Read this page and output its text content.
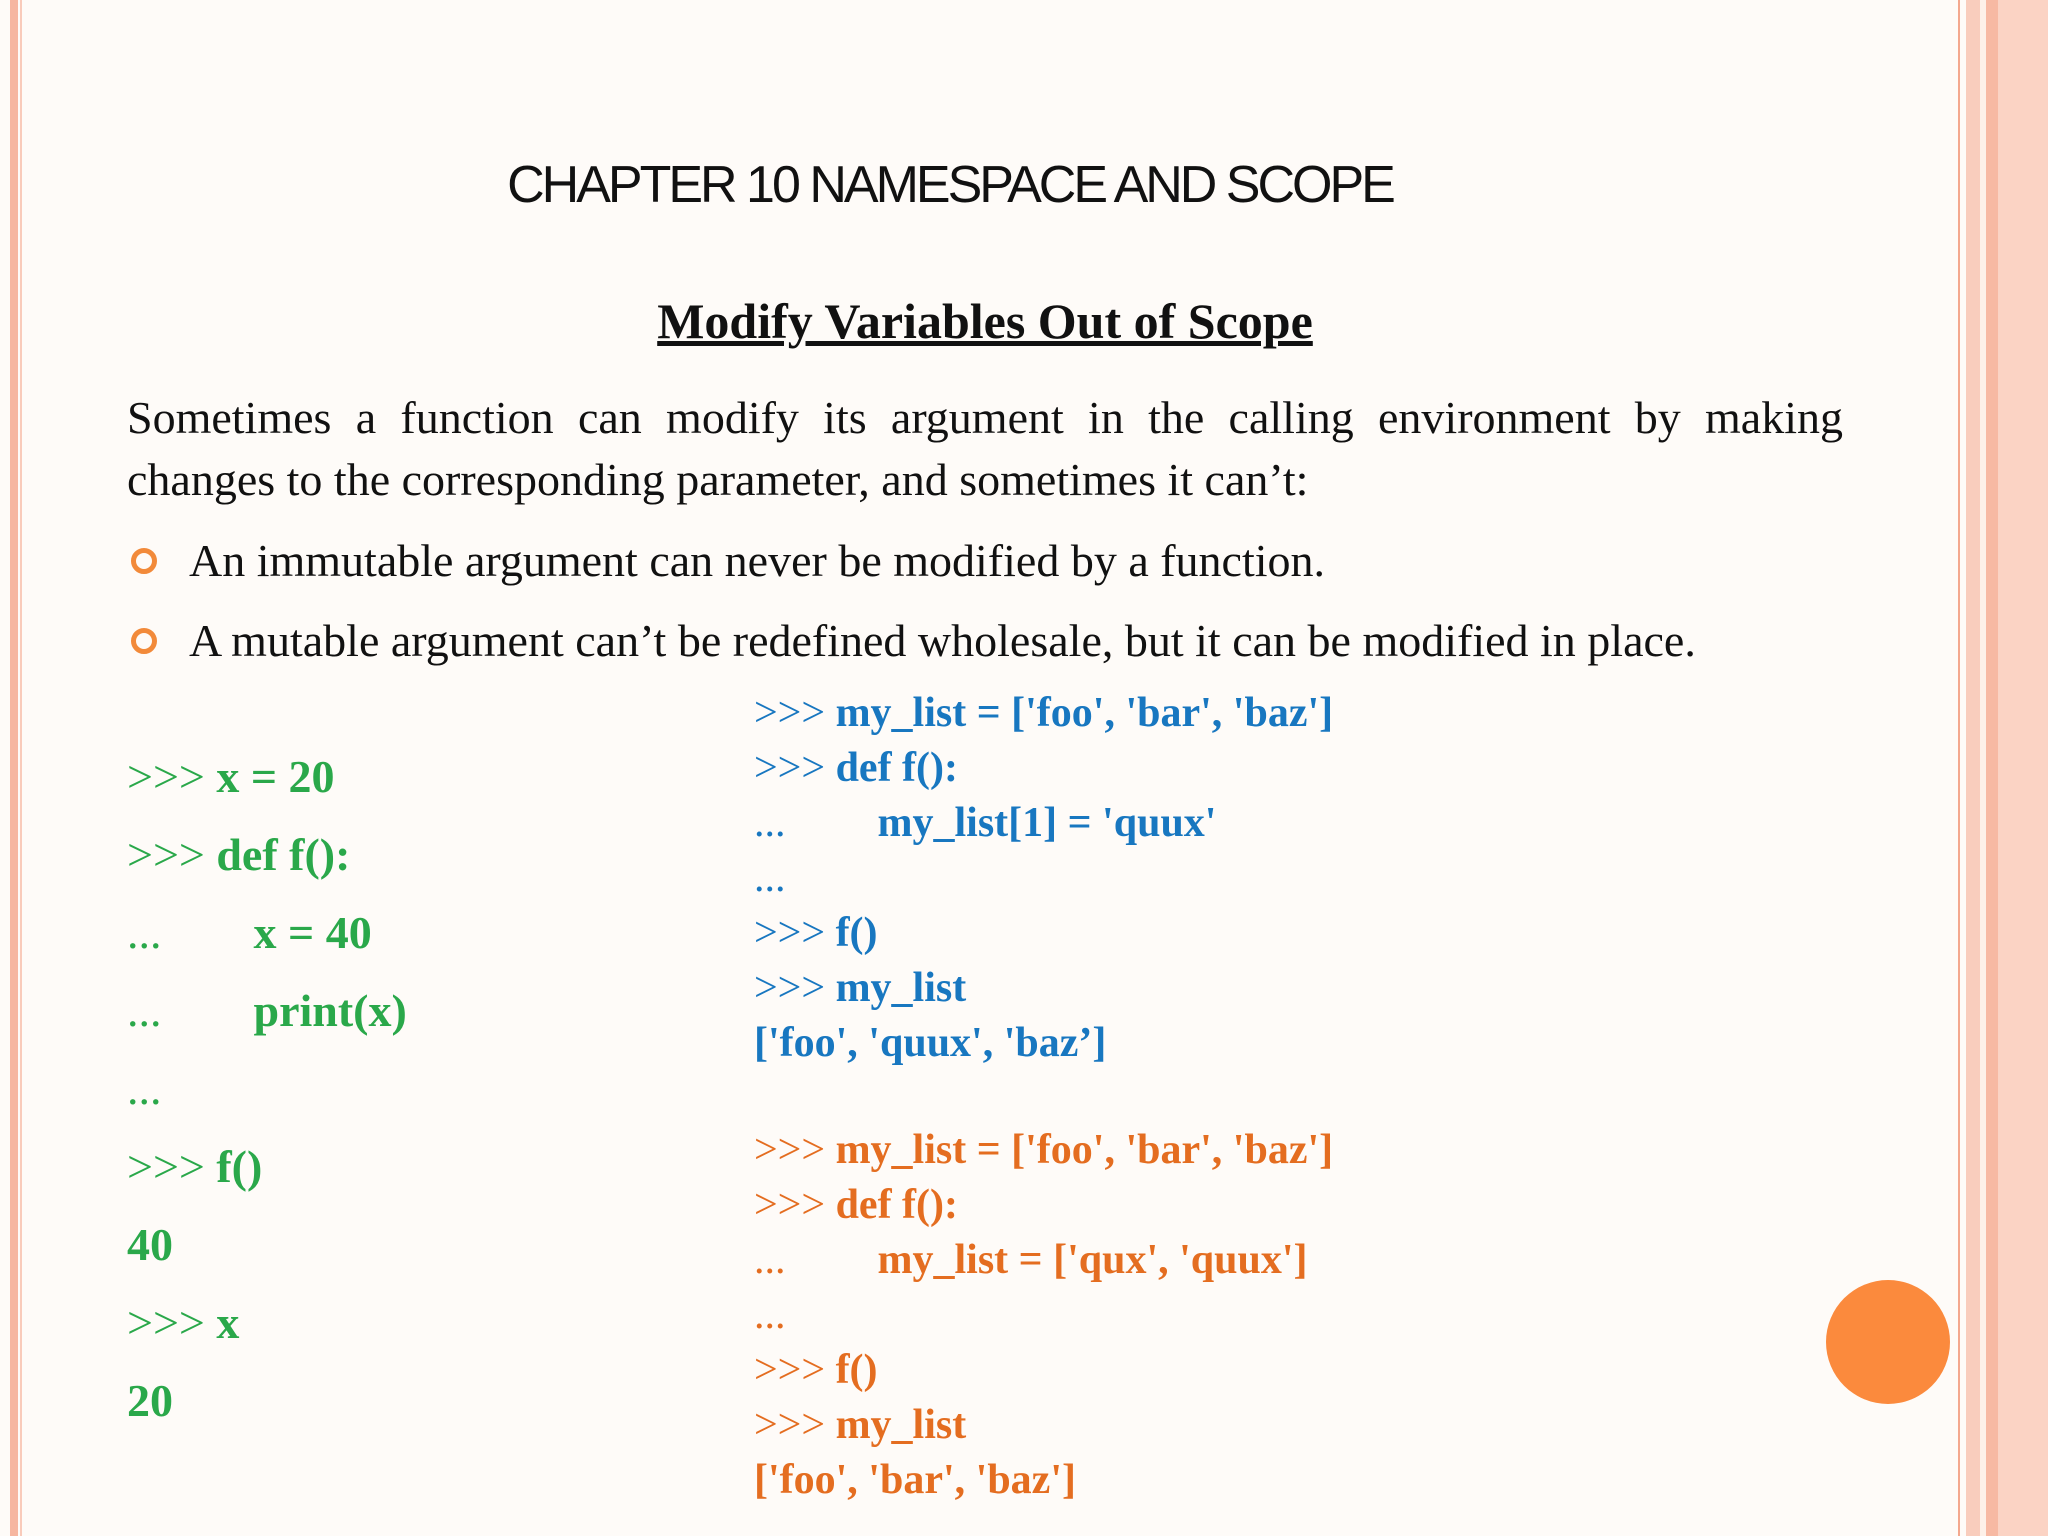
CHAPTER 10 NAMESPACE AND SCOPE
Modify Variables Out of Scope
Sometimes a function can modify its argument in the calling environment by making changes to the corresponding parameter, and sometimes it can’t:
An immutable argument can never be modified by a function.
A mutable argument can’t be redefined wholesale, but it can be modified in place.
>>> x = 20
>>> def f():
... x = 40
... print(x)
...
>>> f()
40
>>> x
20
>>> my_list = ['foo', 'bar', 'baz']
>>> def f():
... my_list[1] = 'quux'
...
>>> f()
>>> my_list
['foo', 'quux', 'baz’]
>>> my_list = ['foo', 'bar', 'baz']
>>> def f():
... my_list = ['qux', 'quux']
...
>>> f()
>>> my_list
['foo', 'bar', 'baz']
